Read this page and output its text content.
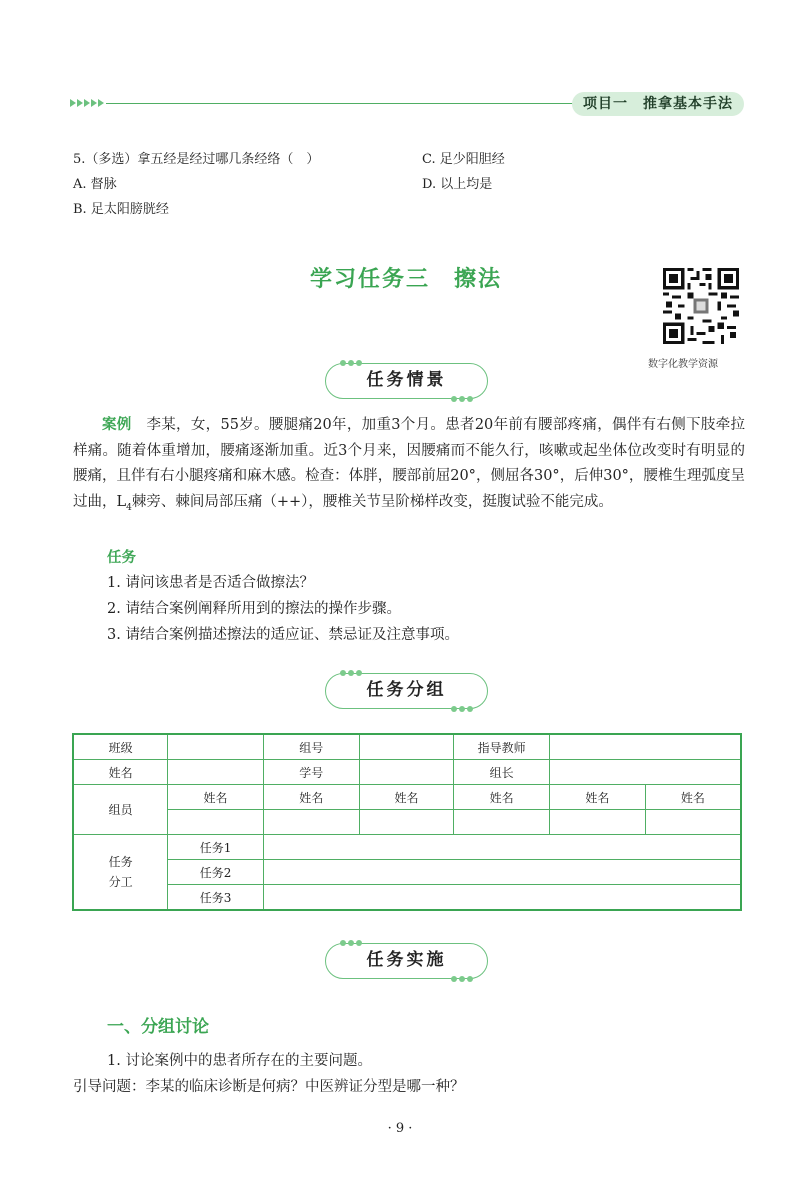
项目一　推拿基本手法
5.（多选）拿五经是经过哪几条经络（　）
A. 督脉
B. 足太阳膀胱经
C. 足少阳胆经
D. 以上均是
学习任务三　擦法
数字化教学资源
任务情景
案例　 李某，女，55岁。腰腿痛20年，加重3个月。患者20年前有腰部疼痛，偶伴有右侧下肢牵拉样痛。随着体重增加，腰痛逐渐加重。近3个月来，因腰痛而不能久行，咳嗽或起坐体位改变时有明显的腰痛，且伴有右小腿疼痛和麻木感。检查：体胖，腰部前屈20°，侧屈各30°，后伸30°，腰椎生理弧度呈过曲，$L_4$棘旁、棘间局部压痛（++），腰椎关节呈阶梯样改变，挺腹试验不能完成。
任务
1. 请问该患者是否适合做擦法？
2. 请结合案例阐释所用到的擦法的操作步骤。
3. 请结合案例描述擦法的适应证、禁忌证及注意事项。
任务分组
班级		组号		指导教师		
姓名		学号		组长		
组员	姓名	姓名	姓名	姓名	姓名	姓名

任务
分工	任务1					
	任务2					
	任务3					
任务实施
一、分组讨论
1. 讨论案例中的患者所存在的主要问题。
引导问题：李某的临床诊断是何病？中医辨证分型是哪一种？
· 9 ·
